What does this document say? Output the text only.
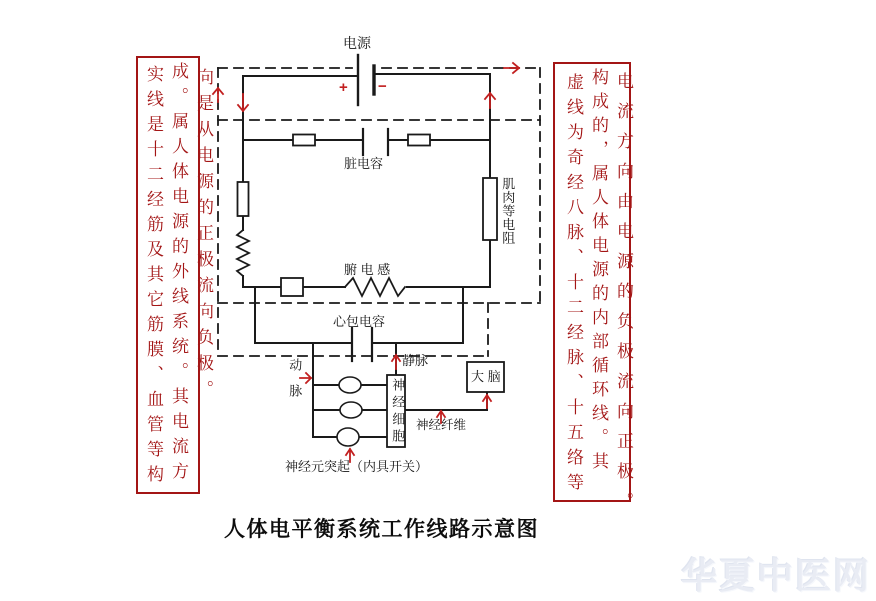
实线是十二经筋及其它筋膜、血管等构 成。属人体电源的外线系统。其电流方 向是从电源的正极流向负极。	虚线为奇经八脉、十二经脉、十五络等 构成的，属人体电源的内部循环线。其 电流方向由电源的负极流向正极。
电源
+ −
脏电容
肌肉等电阻
腑 电 感
心包电容
动脉	静脉
神经细胞
大 脑
神经纤维
神经元突起（内具开关）
人体电平衡系统工作线路示意图
华夏中医网
